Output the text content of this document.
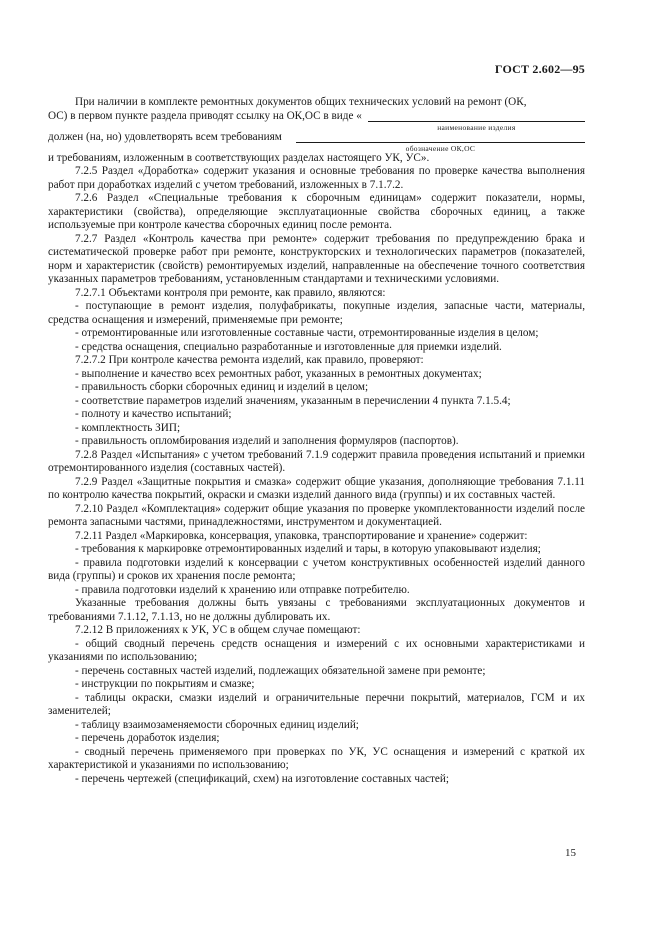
ГОСТ 2.602—95

При наличии в комплекте ремонтных документов общих технических условий на ремонт (ОК,

ОС) в первом пункте раздела приводят ссылку на ОК,ОС в виде «
наименование изделия
должен (на, но) удовлетворять всем требованиям
обозначение ОК,ОС

и требованиям, изложенным в соответствующих разделах настоящего УК, УС».

7.2.5 Раздел «Доработка» содержит указания и основные требования по проверке качества выполнения работ при доработках изделий с учетом требований, изложенных в 7.1.7.2.

7.2.6 Раздел «Специальные требования к сборочным единицам» содержит показатели, нормы, характеристики (свойства), определяющие эксплуатационные свойства сборочных единиц, а также используемые при контроле качества сборочных единиц после ремонта.

7.2.7 Раздел «Контроль качества при ремонте» содержит требования по предупреждению брака и систематической проверке работ при ремонте, конструкторских и технологических параметров (показателей, норм и характеристик (свойств) ремонтируемых изделий, направленные на обеспечение точного соответствия указанных параметров требованиям, установленным стандартами и техническими условиями.

7.2.7.1 Объектами контроля при ремонте, как правило, являются:

- поступающие в ремонт изделия, полуфабрикаты, покупные изделия, запасные части, материалы, средства оснащения и измерений, применяемые при ремонте;

- отремонтированные или изготовленные составные части, отремонтированные изделия в целом;

- средства оснащения, специально разработанные и изготовленные для приемки изделий.

7.2.7.2 При контроле качества ремонта изделий, как правило, проверяют:

- выполнение и качество всех ремонтных работ, указанных в ремонтных документах;

- правильность сборки сборочных единиц и изделий в целом;

- соответствие параметров изделий значениям, указанным в перечислении 4 пункта 7.1.5.4;

- полноту и качество испытаний;

- комплектность ЗИП;

- правильность опломбирования изделий и заполнения формуляров (паспортов).

7.2.8 Раздел «Испытания» с учетом требований 7.1.9 содержит правила проведения испытаний и приемки отремонтированного изделия (составных частей).

7.2.9 Раздел «Защитные покрытия и смазка» содержит общие указания, дополняющие требования 7.1.11 по контролю качества покрытий, окраски и смазки изделий данного вида (группы) и их составных частей.

7.2.10 Раздел «Комплектация» содержит общие указания по проверке укомплектованности изделий после ремонта запасными частями, принадлежностями, инструментом и документацией.

7.2.11 Раздел «Маркировка, консервация, упаковка, транспортирование и хранение» содержит:

- требования к маркировке отремонтированных изделий и тары, в которую упаковывают изделия;

- правила подготовки изделий к консервации с учетом конструктивных особенностей изделий данного вида (группы) и сроков их хранения после ремонта;

- правила подготовки изделий к хранению или отправке потребителю.

Указанные требования должны быть увязаны с требованиями эксплуатационных документов и требованиями 7.1.12, 7.1.13, но не должны дублировать их.

7.2.12 В приложениях к УК, УС в общем случае помещают:

- общий сводный перечень средств оснащения и измерений с их основными характеристиками и указаниями по использованию;

- перечень составных частей изделий, подлежащих обязательной замене при ремонте;

- инструкции по покрытиям и смазке;

- таблицы окраски, смазки изделий и ограничительные перечни покрытий, материалов, ГСМ и их заменителей;

- таблицу взаимозаменяемости сборочных единиц изделий;

- перечень доработок изделия;

- сводный перечень применяемого при проверках по УК, УС оснащения и измерений с краткой их характеристикой и указаниями по использованию;

- перечень чертежей (спецификаций, схем) на изготовление составных частей;

15
